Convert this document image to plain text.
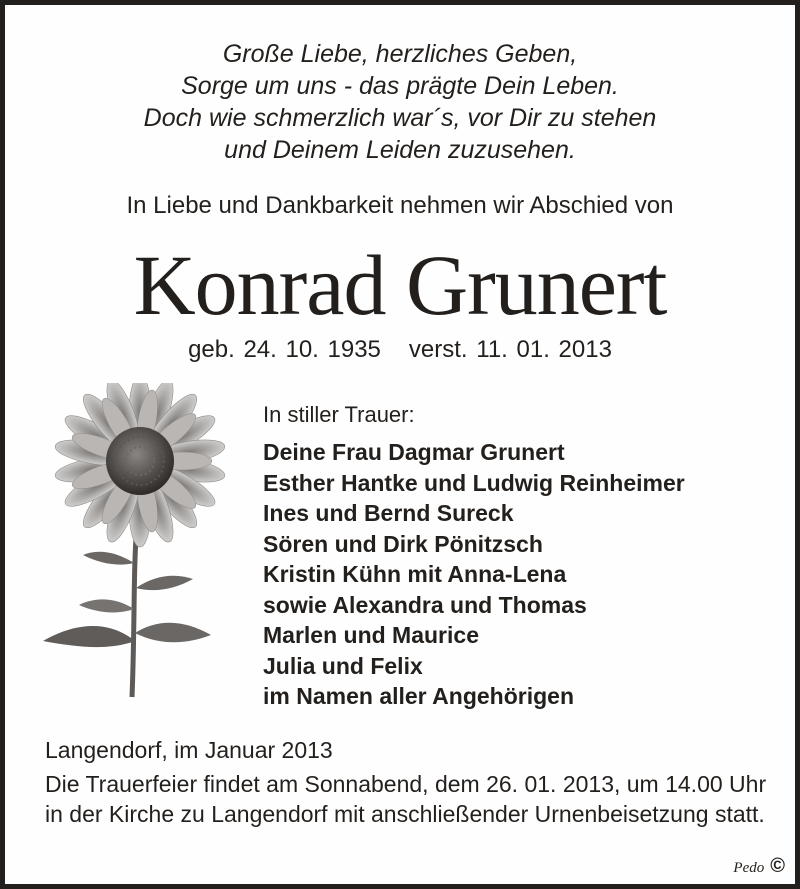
Große Liebe, herzliches Geben,
Sorge um uns - das prägte Dein Leben.
Doch wie schmerzlich war´s, vor Dir zu stehen
und Deinem Leiden zuzusehen.
In Liebe und Dankbarkeit nehmen wir Abschied von
Konrad Grunert
geb. 24. 10. 1935 verst. 11. 01. 2013
In stiller Trauer:
Deine Frau Dagmar Grunert
Esther Hantke und Ludwig Reinheimer
Ines und Bernd Sureck
Sören und Dirk Pönitzsch
Kristin Kühn mit Anna-Lena
sowie Alexandra und Thomas
Marlen und Maurice
Julia und Felix
im Namen aller Angehörigen
Langendorf, im Januar 2013
Die Trauerfeier findet am Sonnabend, dem 26. 01. 2013, um 14.00 Uhr in der Kirche zu Langendorf mit anschließender Urnenbeisetzung statt.
Pedo ©
